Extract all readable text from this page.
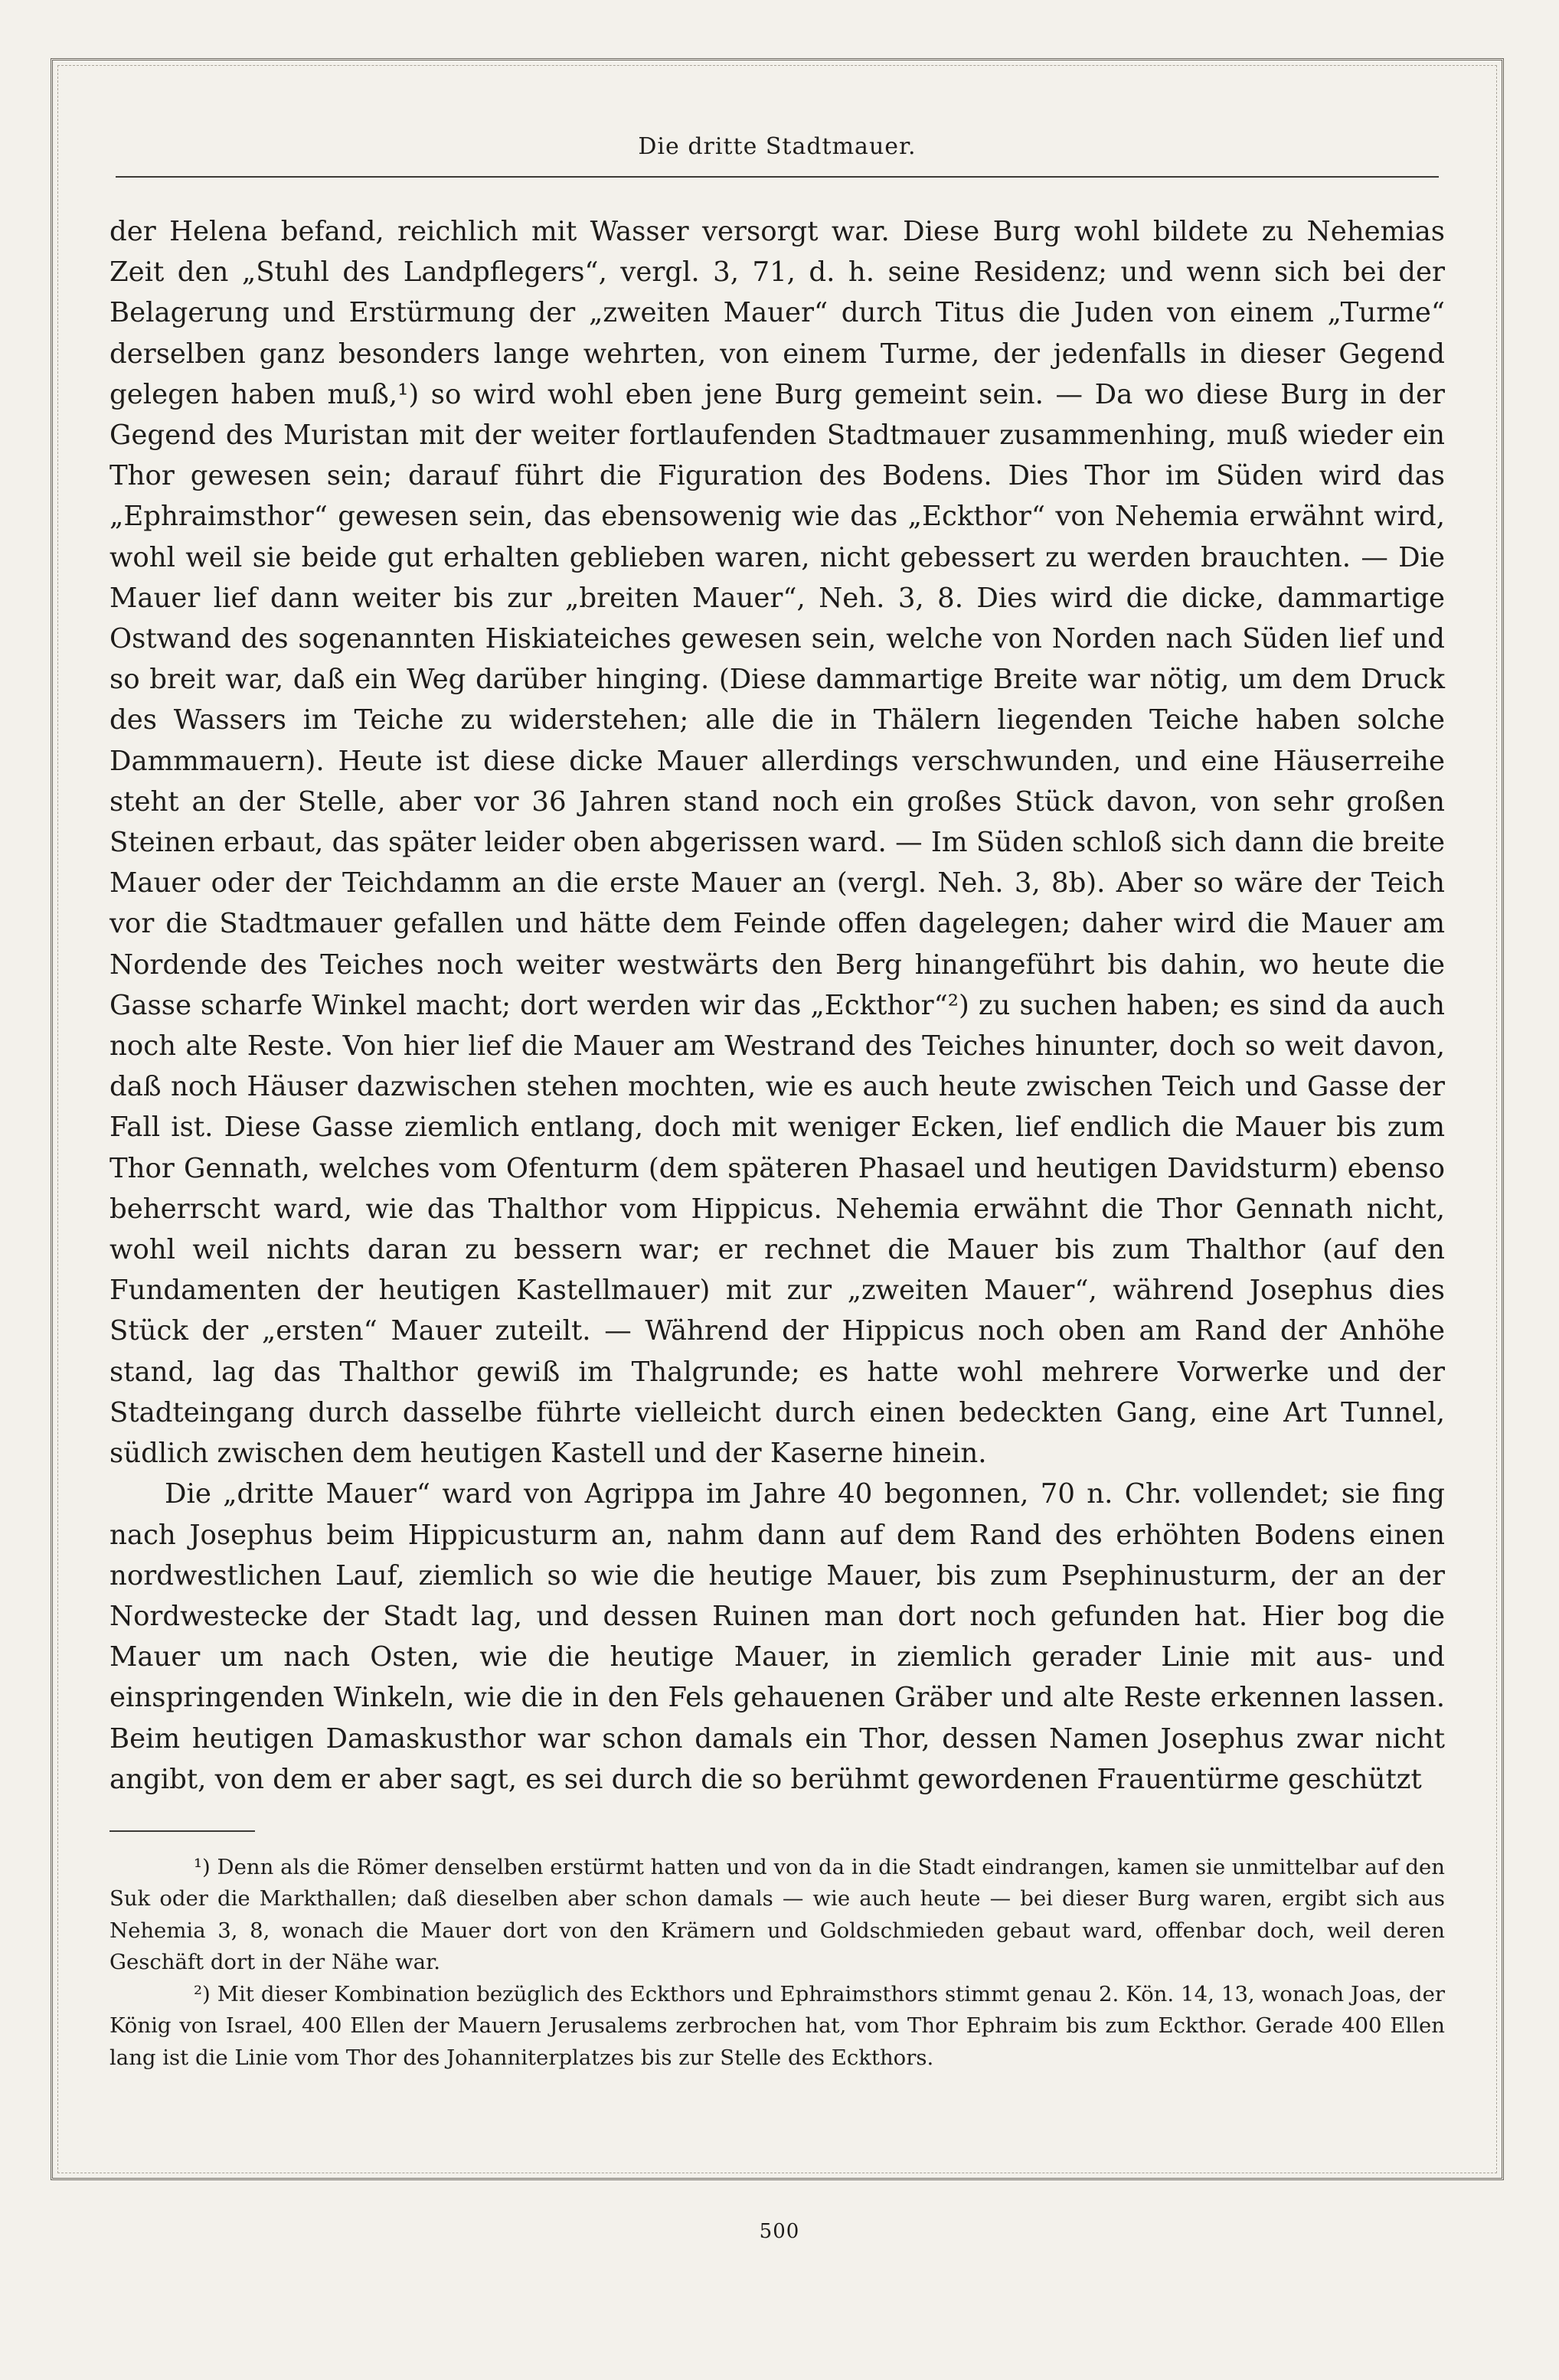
Die dritte Stadtmauer.

der Helena befand, reichlich mit Wasser versorgt war. Diese Burg wohl bildete zu Nehemias Zeit den „Stuhl des Landpflegers“, vergl. 3, 71, d. h. seine Residenz; und wenn sich bei der Belagerung und Erstürmung der „zweiten Mauer“ durch Titus die Juden von einem „Turme“ derselben ganz besonders lange wehrten, von einem Turme, der jedenfalls in dieser Gegend gelegen haben muß,¹) so wird wohl eben jene Burg gemeint sein. — Da wo diese Burg in der Gegend des Muristan mit der weiter fortlaufenden Stadtmauer zusammenhing, muß wieder ein Thor gewesen sein; darauf führt die Figuration des Bodens. Dies Thor im Süden wird das „Ephraimsthor“ gewesen sein, das ebensowenig wie das „Eckthor“ von Nehemia erwähnt wird, wohl weil sie beide gut erhalten geblieben waren, nicht gebessert zu werden brauchten. — Die Mauer lief dann weiter bis zur „breiten Mauer“, Neh. 3, 8. Dies wird die dicke, dammartige Ostwand des sogenannten Hiskiateiches gewesen sein, welche von Norden nach Süden lief und so breit war, daß ein Weg darüber hinging. (Diese dammartige Breite war nötig, um dem Druck des Wassers im Teiche zu widerstehen; alle die in Thälern liegenden Teiche haben solche Dammmauern). Heute ist diese dicke Mauer allerdings verschwunden, und eine Häuserreihe steht an der Stelle, aber vor 36 Jahren stand noch ein großes Stück davon, von sehr großen Steinen erbaut, das später leider oben abgerissen ward. — Im Süden schloß sich dann die breite Mauer oder der Teichdamm an die erste Mauer an (vergl. Neh. 3, 8b). Aber so wäre der Teich vor die Stadtmauer gefallen und hätte dem Feinde offen dagelegen; daher wird die Mauer am Nordende des Teiches noch weiter westwärts den Berg hinangeführt bis dahin, wo heute die Gasse scharfe Winkel macht; dort werden wir das „Eckthor“²) zu suchen haben; es sind da auch noch alte Reste. Von hier lief die Mauer am Westrand des Teiches hinunter, doch so weit davon, daß noch Häuser dazwischen stehen mochten, wie es auch heute zwischen Teich und Gasse der Fall ist. Diese Gasse ziemlich entlang, doch mit weniger Ecken, lief endlich die Mauer bis zum Thor Gennath, welches vom Ofenturm (dem späteren Phasael und heutigen Davidsturm) ebenso beherrscht ward, wie das Thalthor vom Hippicus. Nehemia erwähnt die Thor Gennath nicht, wohl weil nichts daran zu bessern war; er rechnet die Mauer bis zum Thalthor (auf den Fundamenten der heutigen Kastellmauer) mit zur „zweiten Mauer“, während Josephus dies Stück der „ersten“ Mauer zuteilt. — Während der Hippicus noch oben am Rand der Anhöhe stand, lag das Thalthor gewiß im Thalgrunde; es hatte wohl mehrere Vorwerke und der Stadteingang durch dasselbe führte vielleicht durch einen bedeckten Gang, eine Art Tunnel, südlich zwischen dem heutigen Kastell und der Kaserne hinein.

Die „dritte Mauer“ ward von Agrippa im Jahre 40 begonnen, 70 n. Chr. vollendet; sie fing nach Josephus beim Hippicusturm an, nahm dann auf dem Rand des erhöhten Bodens einen nordwestlichen Lauf, ziemlich so wie die heutige Mauer, bis zum Psephinusturm, der an der Nordwestecke der Stadt lag, und dessen Ruinen man dort noch gefunden hat. Hier bog die Mauer um nach Osten, wie die heutige Mauer, in ziemlich gerader Linie mit aus- und einspringenden Winkeln, wie die in den Fels gehauenen Gräber und alte Reste erkennen lassen. Beim heutigen Damaskusthor war schon damals ein Thor, dessen Namen Josephus zwar nicht angibt, von dem er aber sagt, es sei durch die so berühmt gewordenen Frauentürme geschützt

¹) Denn als die Römer denselben erstürmt hatten und von da in die Stadt eindrangen, kamen sie unmittelbar auf den Suk oder die Markthallen; daß dieselben aber schon damals — wie auch heute — bei dieser Burg waren, ergibt sich aus Nehemia 3, 8, wonach die Mauer dort von den Krämern und Goldschmieden gebaut ward, offenbar doch, weil deren Geschäft dort in der Nähe war.

²) Mit dieser Kombination bezüglich des Eckthors und Ephraimsthors stimmt genau 2. Kön. 14, 13, wonach Joas, der König von Israel, 400 Ellen der Mauern Jerusalems zerbrochen hat, vom Thor Ephraim bis zum Eckthor. Gerade 400 Ellen lang ist die Linie vom Thor des Johanniterplatzes bis zur Stelle des Eckthors.

500
